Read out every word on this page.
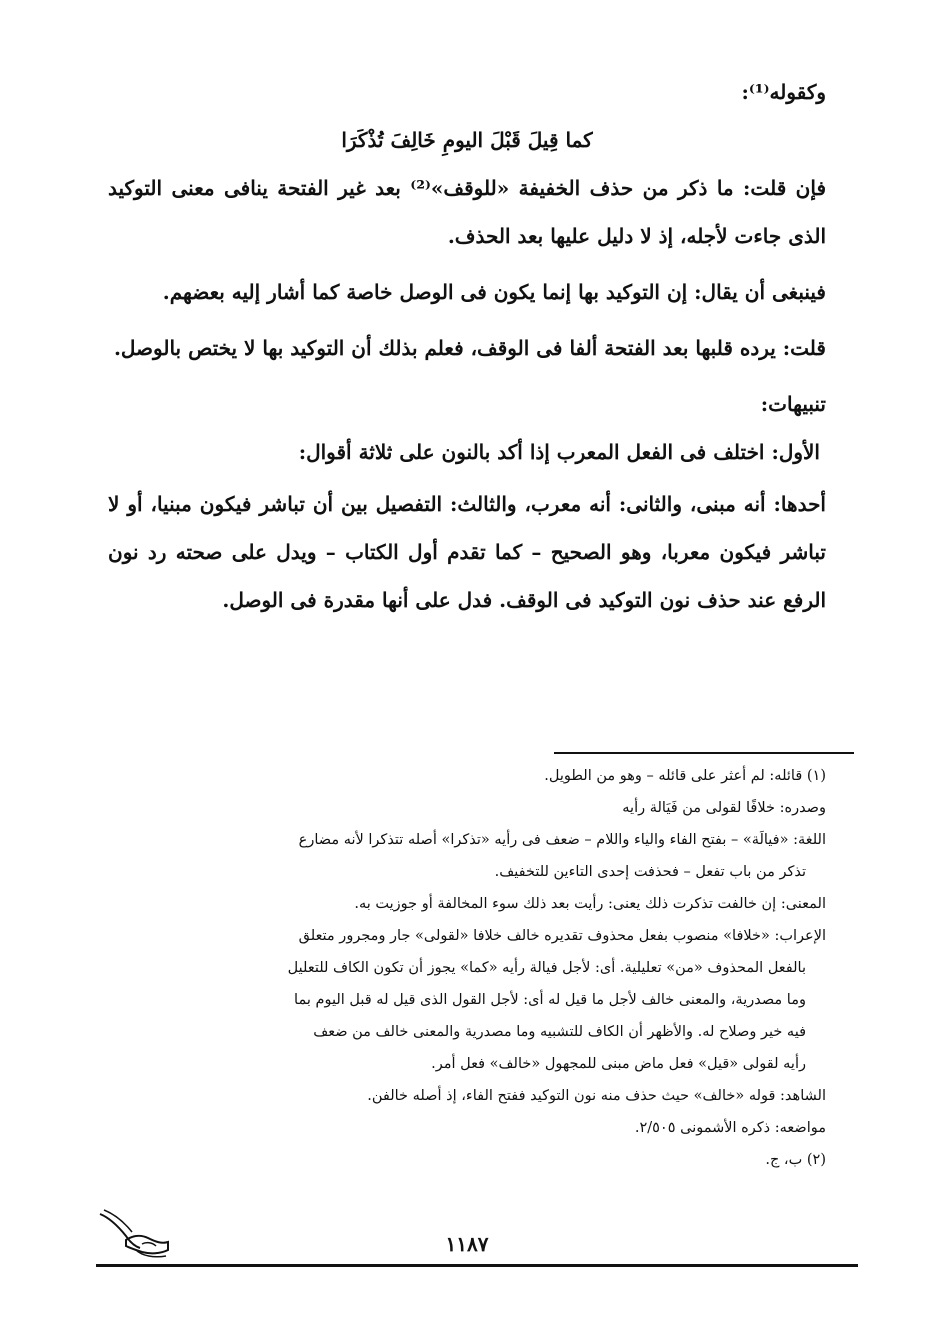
وكقوله⁽¹⁾:

كما قِيلَ قَبْلَ اليومِ خَالِفَ تُذْكَرَا

فإن قلت: ما ذكر من حذف الخفيفة «للوقف»⁽²⁾ بعد غير الفتحة ينافى معنى التوكيد الذى جاءت لأجله، إذ لا دليل عليها بعد الحذف.

فينبغى أن يقال: إن التوكيد بها إنما يكون فى الوصل خاصة كما أشار إليه بعضهم.

قلت: يرده قلبها بعد الفتحة ألفا فى الوقف، فعلم بذلك أن التوكيد بها لا يختص بالوصل.

تنبيهات:

الأول: اختلف فى الفعل المعرب إذا أكد بالنون على ثلاثة أقوال:

أحدها: أنه مبنى، والثانى: أنه معرب، والثالث: التفصيل بين أن تباشر فيكون مبنيا، أو لا تباشر فيكون معربا، وهو الصحيح – كما تقدم أول الكتاب – ويدل على صحته رد نون الرفع عند حذف نون التوكيد فى الوقف. فدل على أنها مقدرة فى الوصل.

(١) قائله: لم أعثر على قائله – وهو من الطويل.

وصدره: خلافًا لقولى من فَيَالة رأيه

اللغة: «فيالَة» – بفتح الفاء والياء واللام – ضعف فى رأيه «تذكرا» أصله تتذكرا لأنه مضارع

تذكر من باب تفعل – فحذفت إحدى التاءين للتخفيف.

المعنى: إن خالفت تذكرت ذلك يعنى: رأيت بعد ذلك سوء المخالفة أو جوزيت به.

الإعراب: «خلافا» منصوب بفعل محذوف تقديره خالف خلافا «لقولى» جار ومجرور متعلق

بالفعل المحذوف «من» تعليلية. أى: لأجل فيالة رأيه «كما» يجوز أن تكون الكاف للتعليل

وما مصدرية، والمعنى خالف لأجل ما قيل له أى: لأجل القول الذى قيل له قبل اليوم بما

فيه خير وصلاح له. والأظهر أن الكاف للتشبيه وما مصدرية والمعنى خالف من ضعف

رأيه لقولى «قيل» فعل ماض مبنى للمجهول «خالف» فعل أمر.

الشاهد: قوله «خالف» حيث حذف منه نون التوكيد ففتح الفاء، إذ أصله خالفن.

مواضعه: ذكره الأشمونى ٢/٥٠٥.

(٢) ب، ج.

١١٨٧
